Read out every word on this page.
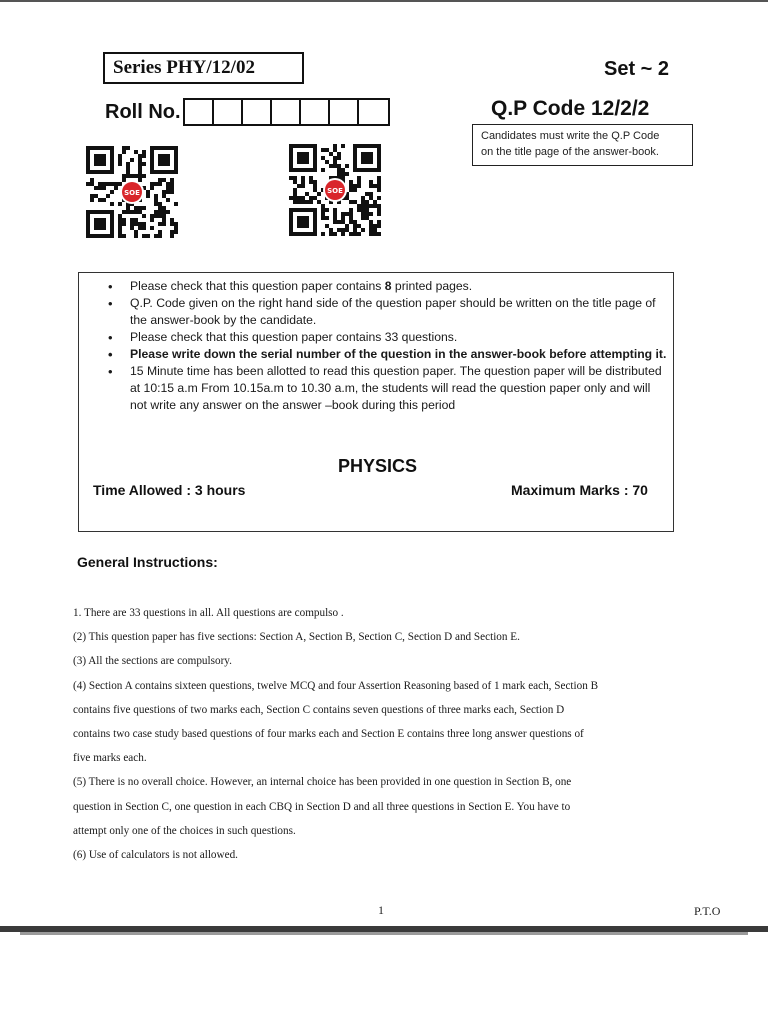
Series PHY/12/02	Set ~ 2
Roll No.	Q.P Code 12/2/2
Candidates must write the Q.P Code
on the title page of the answer-book.
SOE	SOE
• Please check that this question paper contains 8 printed pages.
• Q.P. Code given on the right hand side of the question paper should be written on the title page of the answer-book by the candidate.
• Please check that this question paper contains 33 questions.
• Please write down the serial number of the question in the answer-book before attempting it.
• 15 Minute time has been allotted to read this question paper. The question paper will be distributed at 10:15 a.m From 10.15a.m to 10.30 a.m, the students will read the question paper only and will not write any answer on the answer –book during this period
PHYSICS
Time Allowed : 3 hours	Maximum Marks : 70
General Instructions:

1. There are 33 questions in all. All questions are compulso .

(2) This question paper has five sections: Section A, Section B, Section C, Section D and Section E.

(3) All the sections are compulsory.

(4) Section A contains sixteen questions, twelve MCQ and four Assertion Reasoning based of 1 mark each, Section B

contains five questions of two marks each, Section C contains seven questions of three marks each, Section D

contains two case study based questions of four marks each and Section E contains three long answer questions of

five marks each.

(5) There is no overall choice. However, an internal choice has been provided in one question in Section B, one

question in Section C, one question in each CBQ in Section D and all three questions in Section E. You have to

attempt only one of the choices in such questions.

(6) Use of calculators is not allowed.

1	P.T.O
